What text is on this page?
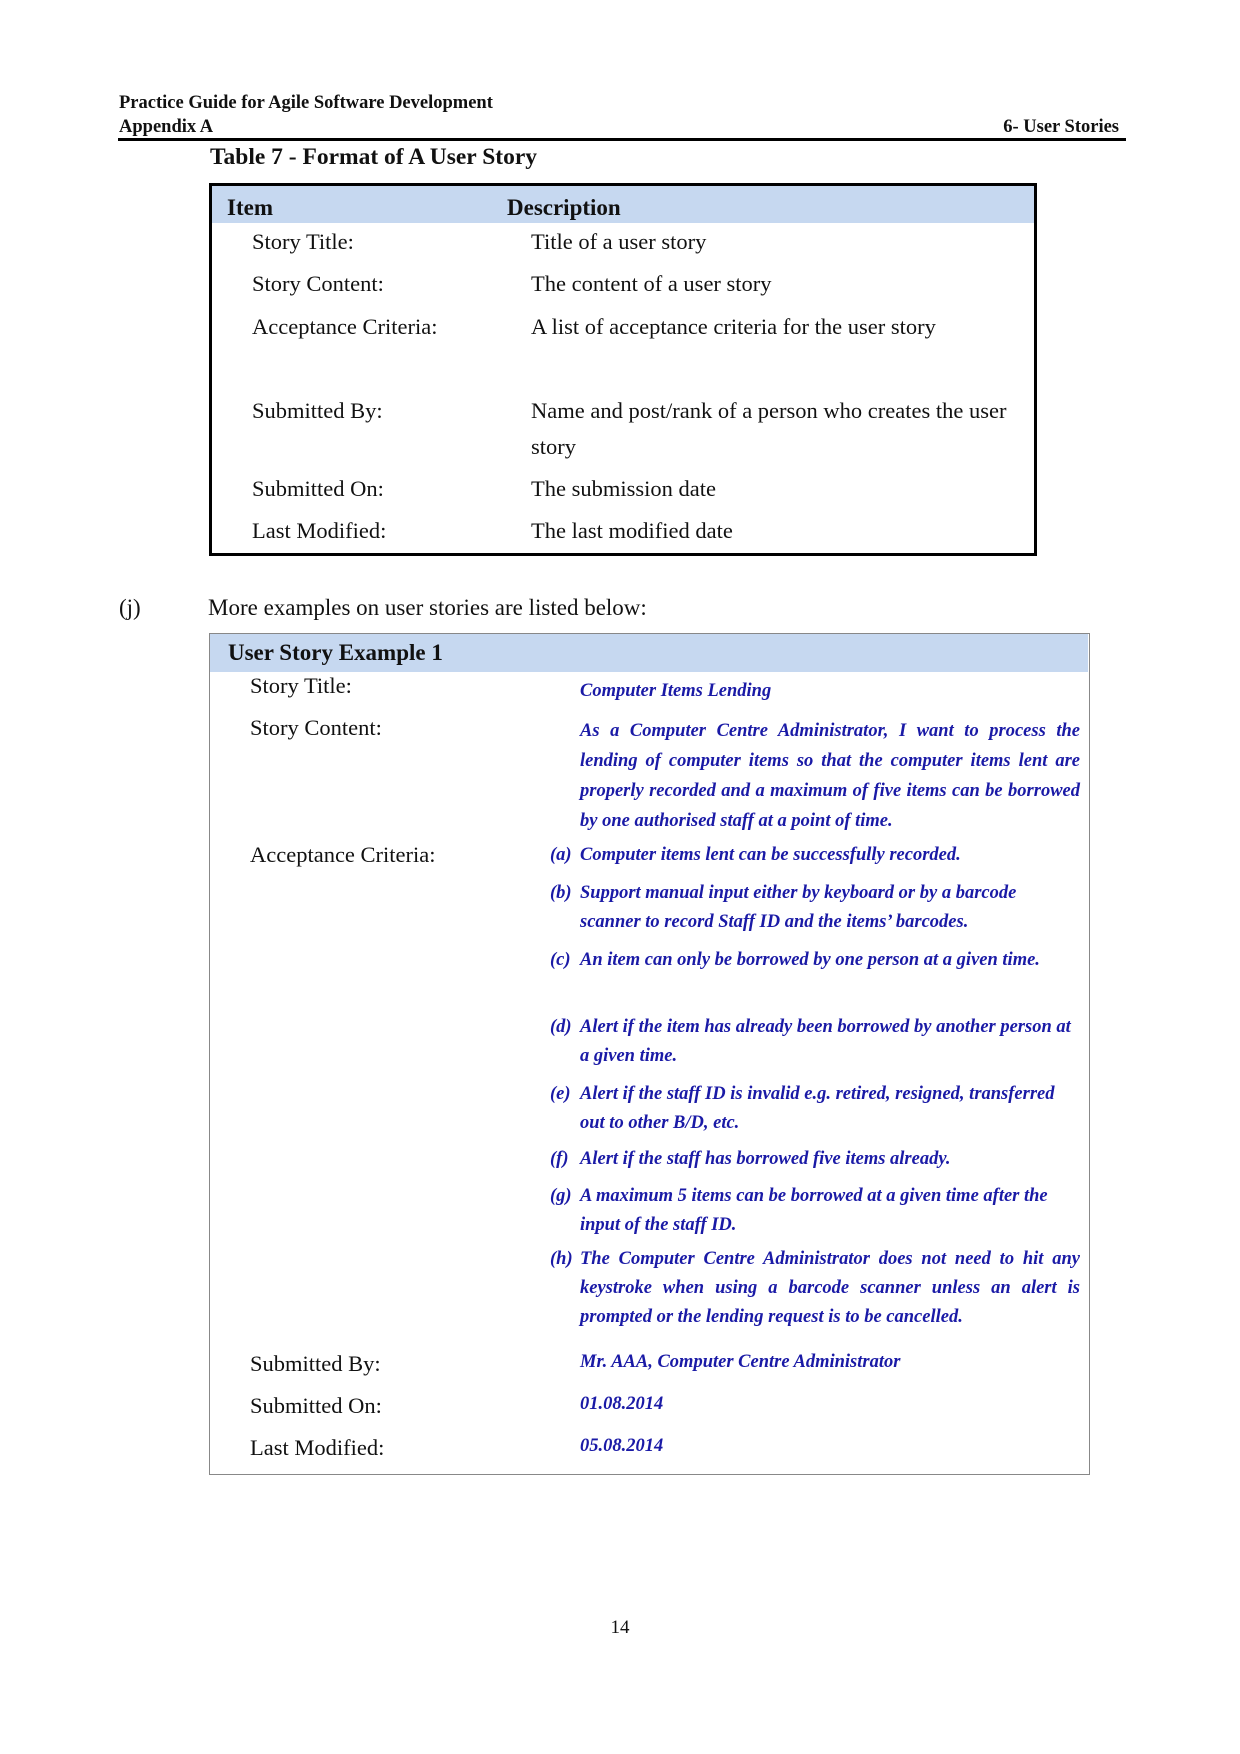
Practice Guide for Agile Software Development
Appendix A	6- User Stories
Table 7 - Format of A User Story
Item	Description
Story Title:	Title of a user story
Story Content:	The content of a user story
Acceptance Criteria:	A list of acceptance criteria for the user story
Submitted By:	Name and post/rank of a person who creates the user story
Submitted On:	The submission date
Last Modified:	The last modified date
(j)	More examples on user stories are listed below:
User Story Example 1
Story Title:	Computer Items Lending
Story Content:	As a Computer Centre Administrator, I want to process the lending of computer items so that the computer items lent are properly recorded and a maximum of five items can be borrowed by one authorised staff at a point of time.
Acceptance Criteria:	(a) Computer items lent can be successfully recorded.
(b) Support manual input either by keyboard or by a barcode scanner to record Staff ID and the items’ barcodes.
(c) An item can only be borrowed by one person at a given time.
(d) Alert if the item has already been borrowed by another person at a given time.
(e) Alert if the staff ID is invalid e.g. retired, resigned, transferred out to other B/D, etc.
(f) Alert if the staff has borrowed five items already.
(g) A maximum 5 items can be borrowed at a given time after the input of the staff ID.
(h) The Computer Centre Administrator does not need to hit any keystroke when using a barcode scanner unless an alert is prompted or the lending request is to be cancelled.
Submitted By:	Mr. AAA, Computer Centre Administrator
Submitted On:	01.08.2014
Last Modified:	05.08.2014
14
